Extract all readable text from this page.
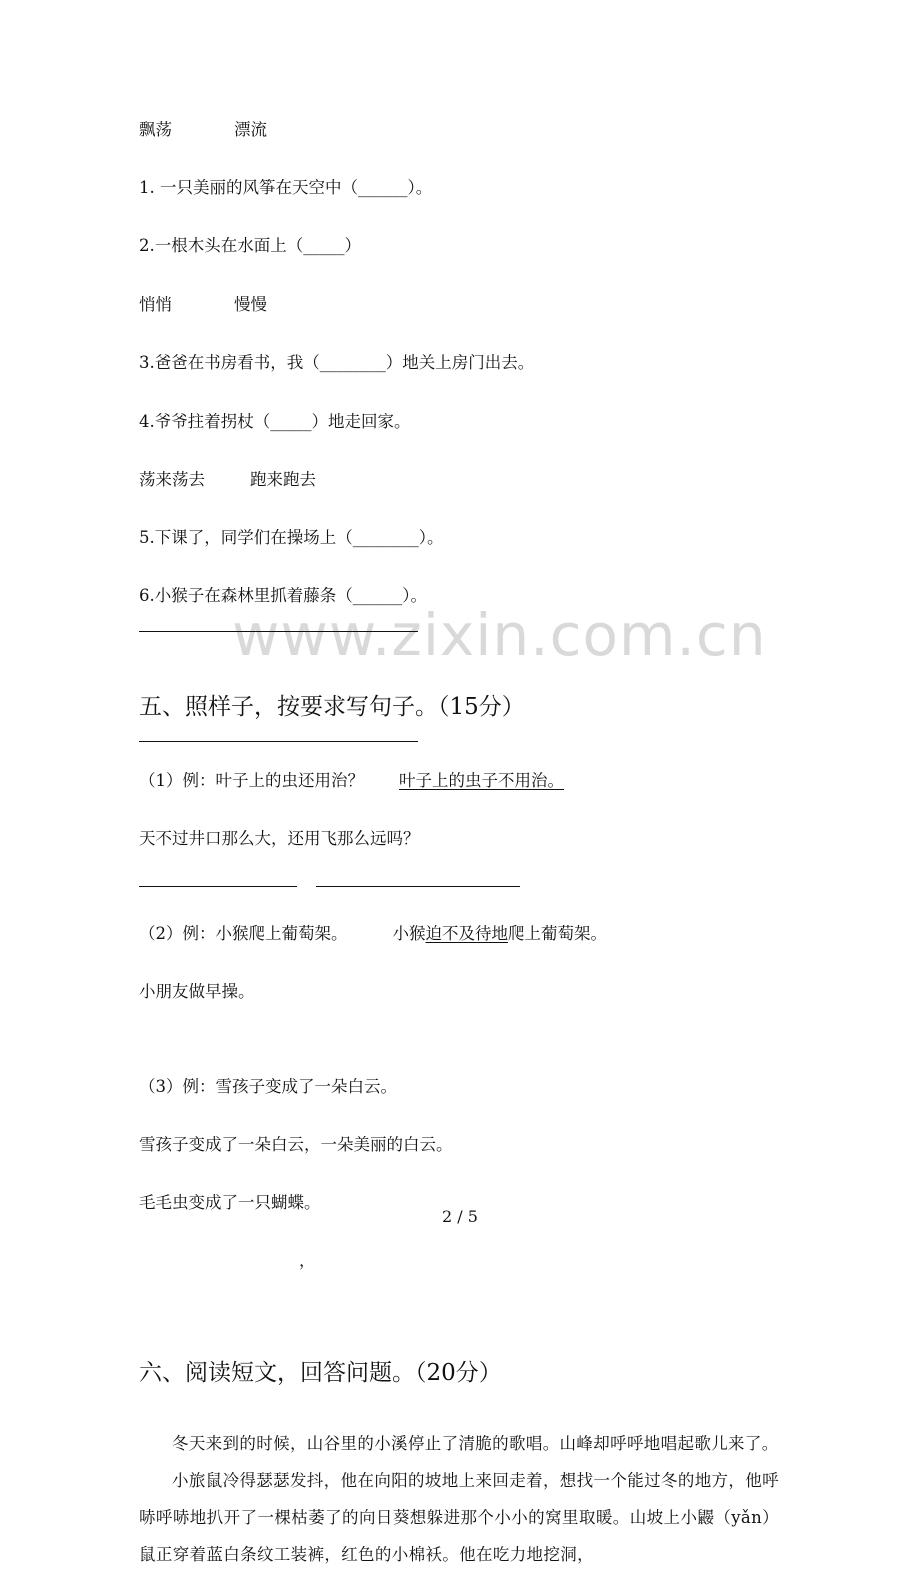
www.zixin.com.cn
飘荡	漂流
1. 一只美丽的风筝在天空中（______）。
2.一根木头在水面上（_____）
悄悄	慢慢
3.爸爸在书房看书，我（________）地关上房门出去。
4.爷爷拄着拐杖（_____）地走回家。
荡来荡去	跑来跑去
5.下课了，同学们在操场上（________）。
6.小猴子在森林里抓着藤条（______）。
五、照样子，按要求写句子。（15分）
（1）例：叶子上的虫还用治？ 叶子上的虫子不用治。
天不过井口那么大，还用飞那么远吗？
（2）例：小猴爬上葡萄架。	小猴迫不及待地爬上葡萄架。
小朋友做早操。
（3）例：雪孩子变成了一朵白云。
雪孩子变成了一朵白云，一朵美丽的白云。
毛毛虫变成了一只蝴蝶。
，
六、阅读短文，回答问题。（20分）

冬天来到的时候，山谷里的小溪停止了清脆的歌唱。山峰却呼呼地唱起歌儿来了。

小旅鼠冷得瑟瑟发抖，他在向阳的坡地上来回走着，想找一个能过冬的地方，他呼哧呼哧地扒开了一棵枯萎了的向日葵想躲进那个小小的窝里取暖。山坡上小鼹（yǎn）鼠正穿着蓝白条纹工装裤，红色的小棉袄。他在吃力地挖洞，

2 / 5
